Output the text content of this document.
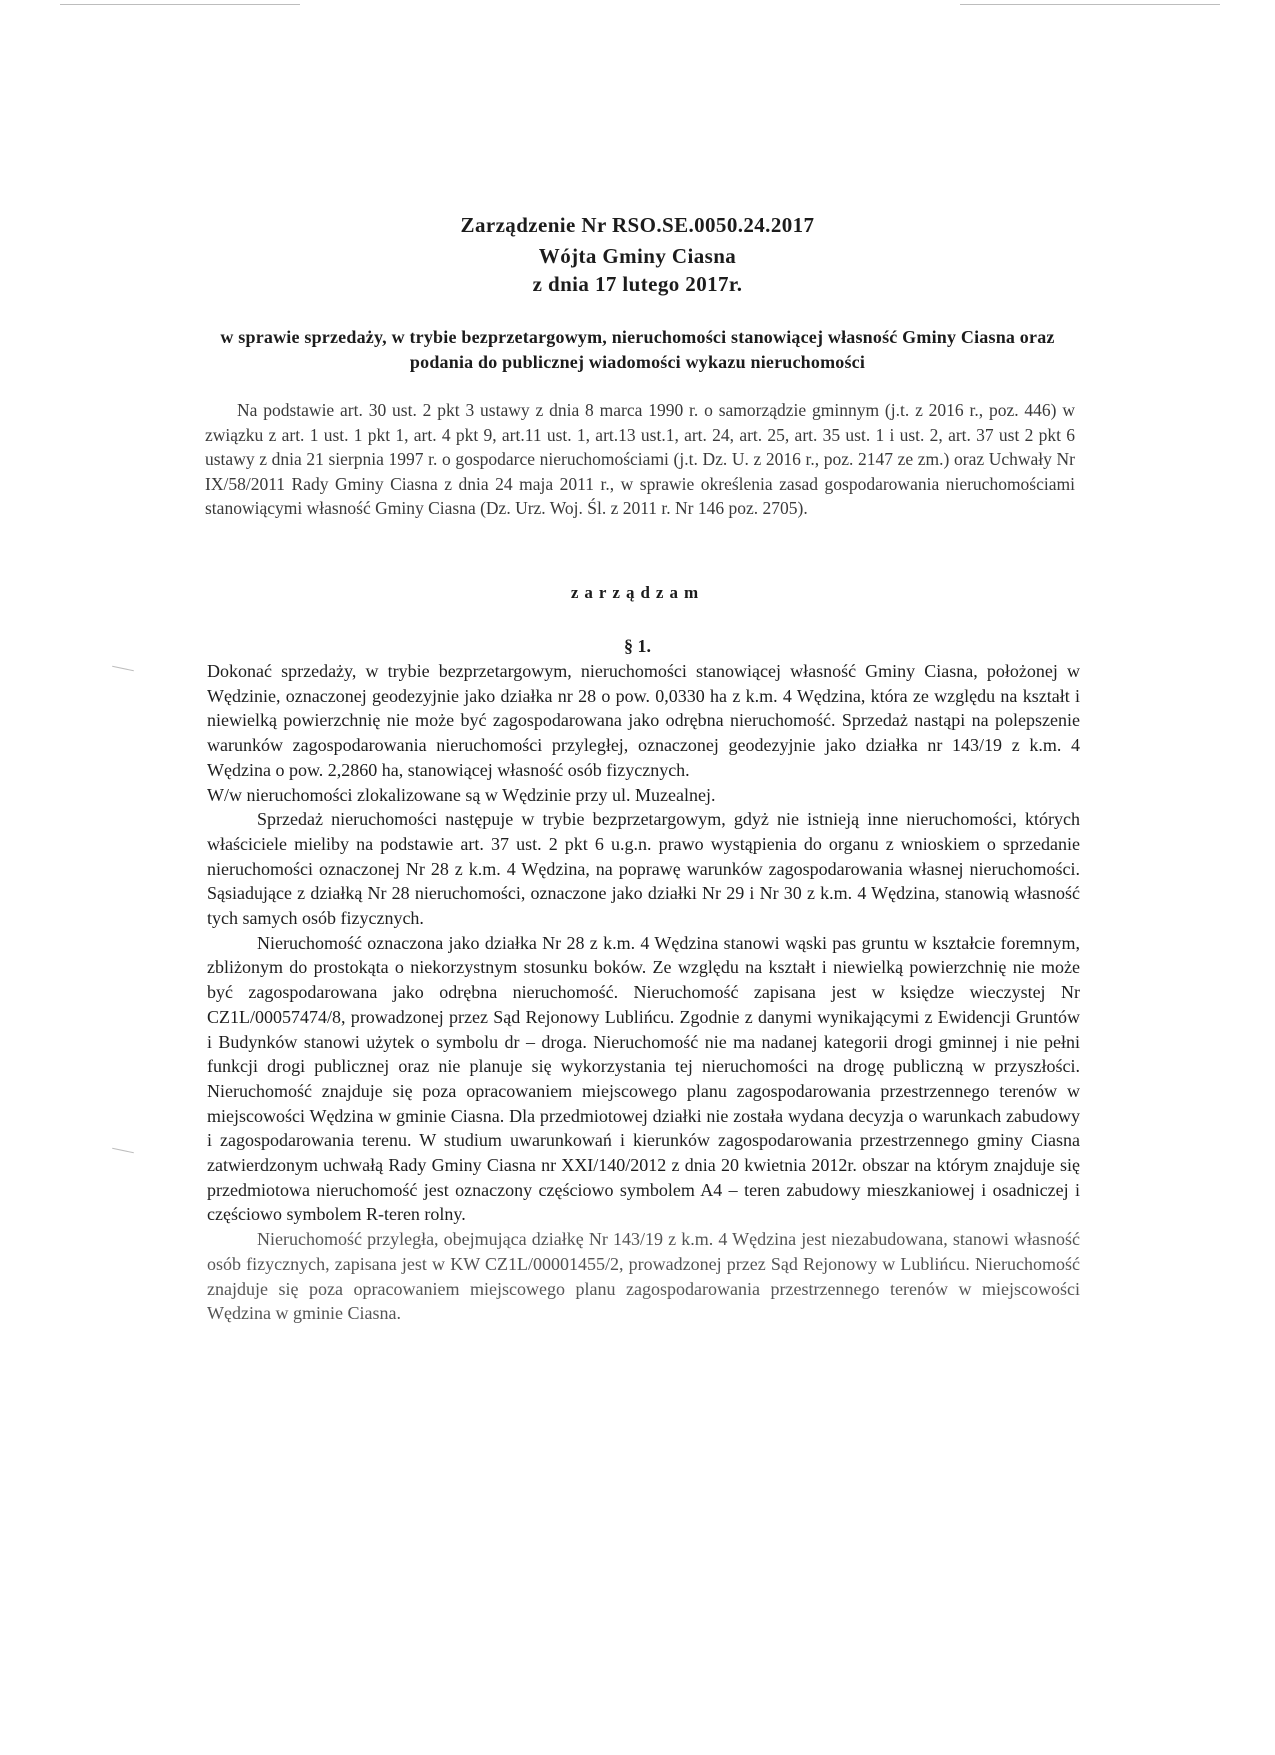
Zarządzenie Nr RSO.SE.0050.24.2017
Wójta Gminy Ciasna
z dnia 17 lutego 2017r.
w sprawie sprzedaży, w trybie bezprzetargowym, nieruchomości stanowiącej własność Gminy Ciasna oraz podania do publicznej wiadomości wykazu nieruchomości
Na podstawie art. 30 ust. 2 pkt 3 ustawy z dnia 8 marca 1990 r. o samorządzie gminnym (j.t. z 2016 r., poz. 446) w związku z art. 1 ust. 1 pkt 1, art. 4 pkt 9, art.11 ust. 1, art.13 ust.1, art. 24, art. 25, art. 35 ust. 1 i ust. 2, art. 37 ust 2 pkt 6 ustawy z dnia 21 sierpnia 1997 r. o gospodarce nieruchomościami (j.t. Dz. U. z 2016 r., poz. 2147 ze zm.) oraz Uchwały Nr IX/58/2011 Rady Gminy Ciasna z dnia 24 maja 2011 r., w sprawie określenia zasad gospodarowania nieruchomościami stanowiącymi własność Gminy Ciasna (Dz. Urz. Woj. Śl. z 2011 r. Nr 146 poz. 2705).
zarządzam
§ 1.

Dokonać sprzedaży, w trybie bezprzetargowym, nieruchomości stanowiącej własność Gminy Ciasna, położonej w Wędzinie, oznaczonej geodezyjnie jako działka nr 28 o pow. 0,0330 ha z k.m. 4 Wędzina, która ze względu na kształt i niewielką powierzchnię nie może być zagospodarowana jako odrębna nieruchomość. Sprzedaż nastąpi na polepszenie warunków zagospodarowania nieruchomości przyległej, oznaczonej geodezyjnie jako działka nr 143/19 z k.m. 4 Wędzina o pow. 2,2860 ha, stanowiącej własność osób fizycznych.

W/w nieruchomości zlokalizowane są w Wędzinie przy ul. Muzealnej.

Sprzedaż nieruchomości następuje w trybie bezprzetargowym, gdyż nie istnieją inne nieruchomości, których właściciele mieliby na podstawie art. 37 ust. 2 pkt 6 u.g.n. prawo wystąpienia do organu z wnioskiem o sprzedanie nieruchomości oznaczonej Nr 28 z k.m. 4 Wędzina, na poprawę warunków zagospodarowania własnej nieruchomości. Sąsiadujące z działką Nr 28 nieruchomości, oznaczone jako działki Nr 29 i Nr 30 z k.m. 4 Wędzina, stanowią własność tych samych osób fizycznych.

Nieruchomość oznaczona jako działka Nr 28 z k.m. 4 Wędzina stanowi wąski pas gruntu w kształcie foremnym, zbliżonym do prostokąta o niekorzystnym stosunku boków. Ze względu na kształt i niewielką powierzchnię nie może być zagospodarowana jako odrębna nieruchomość. Nieruchomość zapisana jest w księdze wieczystej Nr CZ1L/00057474/8, prowadzonej przez Sąd Rejonowy Lublińcu. Zgodnie z danymi wynikającymi z Ewidencji Gruntów i Budynków stanowi użytek o symbolu dr – droga. Nieruchomość nie ma nadanej kategorii drogi gminnej i nie pełni funkcji drogi publicznej oraz nie planuje się wykorzystania tej nieruchomości na drogę publiczną w przyszłości. Nieruchomość znajduje się poza opracowaniem miejscowego planu zagospodarowania przestrzennego terenów w miejscowości Wędzina w gminie Ciasna. Dla przedmiotowej działki nie została wydana decyzja o warunkach zabudowy i zagospodarowania terenu. W studium uwarunkowań i kierunków zagospodarowania przestrzennego gminy Ciasna zatwierdzonym uchwałą Rady Gminy Ciasna nr XXI/140/2012 z dnia 20 kwietnia 2012r. obszar na którym znajduje się przedmiotowa nieruchomość jest oznaczony częściowo symbolem A4 – teren zabudowy mieszkaniowej i osadniczej i częściowo symbolem R-teren rolny.

Nieruchomość przyległa, obejmująca działkę Nr 143/19 z k.m. 4 Wędzina jest niezabudowana, stanowi własność osób fizycznych, zapisana jest w KW CZ1L/00001455/2, prowadzonej przez Sąd Rejonowy w Lublińcu. Nieruchomość znajduje się poza opracowaniem miejscowego planu zagospodarowania przestrzennego terenów w miejscowości Wędzina w gminie Ciasna.
